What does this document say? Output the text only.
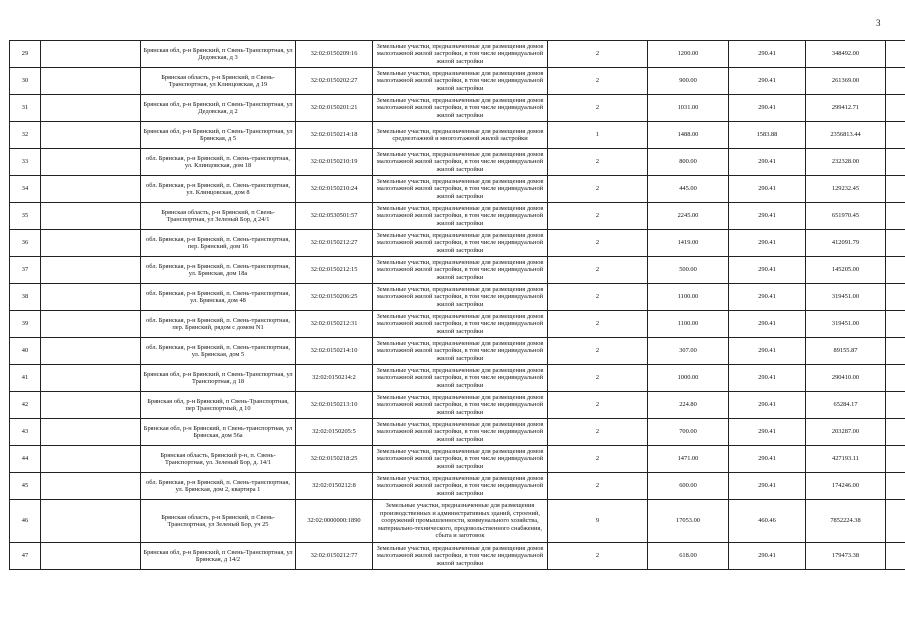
3
29		Брянская обл, р-н Брянский, п Свень-Транспортная, ул Дедовская, д 3	32:02:0150209:16	Земельные участки, предназначенные для размещения домов малоэтажной жилой застройки, в том числе индивидуальной жилой застройки	2	1200.00	290.41	348492.00	
30		Брянская область, р-н Брянский, п Свень-Транспортная, ул Клинцовская, д 19	32:02:0150202:27	Земельные участки, предназначенные для размещения домов малоэтажной жилой застройки, в том числе индивидуальной жилой застройки	2	900.00	290.41	261369.00	
31		Брянская обл, р-н Брянский, п Свень-Транспортная, ул Дедовская, д 2	32:02:0150201:21	Земельные участки, предназначенные для размещения домов малоэтажной жилой застройки, в том числе индивидуальной жилой застройки	2	1031.00	290.41	299412.71	
32		Брянская обл, р-н Брянский, п Свень-Транспортная, ул Брянская, д 5	32:02:0150214:18	Земельные участки, предназначенные для размещения домов среднеэтажной и многоэтажной жилой застройки	1	1488.00	1583.88	2356813.44	
33		обл. Брянская, р-н Брянский, п. Свень-транспортная, ул. Клинцовская, дом 18	32:02:0150210:19	Земельные участки, предназначенные для размещения домов малоэтажной жилой застройки, в том числе индивидуальной жилой застройки	2	800.00	290.41	232328.00	
34		обл. Брянская, р-н Брянский, п. Свень-транспортная, ул. Клинцовская, дом 8	32:02:0150210:24	Земельные участки, предназначенные для размещения домов малоэтажной жилой застройки, в том числе индивидуальной жилой застройки	2	445.00	290.41	129232.45	
35		Брянская область, р-н Брянский, п Свень-Транспортная, ул Зеленый Бор, д 24/1	32:02:0530501:57	Земельные участки, предназначенные для размещения домов малоэтажной жилой застройки, в том числе индивидуальной жилой застройки	2	2245.00	290.41	651970.45	
36		обл. Брянская, р-н Брянский, п. Свень-транспортная, пер. Брянский, дом 16	32:02:0150212:27	Земельные участки, предназначенные для размещения домов малоэтажной жилой застройки, в том числе индивидуальной жилой застройки	2	1419.00	290.41	412091.79	
37		обл. Брянская, р-н Брянский, п. Свень-транспортная, ул. Брянская, дом 18а	32:02:0150212:15	Земельные участки, предназначенные для размещения домов малоэтажной жилой застройки, в том числе индивидуальной жилой застройки	2	500.00	290.41	145205.00	
38		обл. Брянская, р-н Брянский, п. Свень-транспортная, ул. Брянская, дом 48	32:02:0150206:25	Земельные участки, предназначенные для размещения домов малоэтажной жилой застройки, в том числе индивидуальной жилой застройки	2	1100.00	290.41	319451.00	
39		обл. Брянская, р-н Брянский, п. Свень-транспортная, пер. Брянский, рядом с домом N1	32:02:0150212:31	Земельные участки, предназначенные для размещения домов малоэтажной жилой застройки, в том числе индивидуальной жилой застройки	2	1100.00	290.41	319451.00	
40		обл. Брянская, р-н Брянский, п. Свень-транспортная, ул. Брянская, дом 5	32:02:0150214:10	Земельные участки, предназначенные для размещения домов малоэтажной жилой застройки, в том числе индивидуальной жилой застройки	2	307.00	290.41	89155.87	
41		Брянская обл, р-н Брянский, п Свень-Транспортная, ул Транспортная, д 18	32:02:0150214:2	Земельные участки, предназначенные для размещения домов малоэтажной жилой застройки, в том числе индивидуальной жилой застройки	2	1000.00	290.41	290410.00	
42		Брянская обл, р-н Брянский, п Свень-Транспортная, пер Транспортный, д 10	32:02:0150213:10	Земельные участки, предназначенные для размещения домов малоэтажной жилой застройки, в том числе индивидуальной жилой застройки	2	224.80	290.41	65284.17	
43		Брянская обл, р-н Брянский, п Свень-транспортная, ул Брянская, дом 56а	32:02:0150205:5	Земельные участки, предназначенные для размещения домов малоэтажной жилой застройки, в том числе индивидуальной жилой застройки	2	700.00	290.41	203287.00	
44		Брянская область, Брянский р-н, п. Свень-Транспортная, ул. Зеленый Бор, д. 14/1	32:02:0150218:25	Земельные участки, предназначенные для размещения домов малоэтажной жилой застройки, в том числе индивидуальной жилой застройки	2	1471.00	290.41	427193.11	
45		обл. Брянская, р-н Брянский, п. Свень-транспортная, ул. Брянская, дом 2, квартира 1	32:02:0150212:8	Земельные участки, предназначенные для размещения домов малоэтажной жилой застройки, в том числе индивидуальной жилой застройки	2	600.00	290.41	174246.00	
46		Брянская область, р-н Брянский, п Свень-Транспортная, ул Зеленый Бор, уч 25	32:02:0000000:1890	Земельные участки, предназначенные для размещения производственных и административных зданий, строений, сооружений промышленности, коммунального хозяйства, материально-технического, продовольственного снабжения, сбыта и заготовок	9	17053.00	460.46	7852224.38	
47		Брянская обл, р-н Брянский, п Свень-Транспортная, ул Брянская, д 14/2	32:02:0150212:77	Земельные участки, предназначенные для размещения домов малоэтажной жилой застройки, в том числе индивидуальной жилой застройки	2	618.00	290.41	179473.38	
